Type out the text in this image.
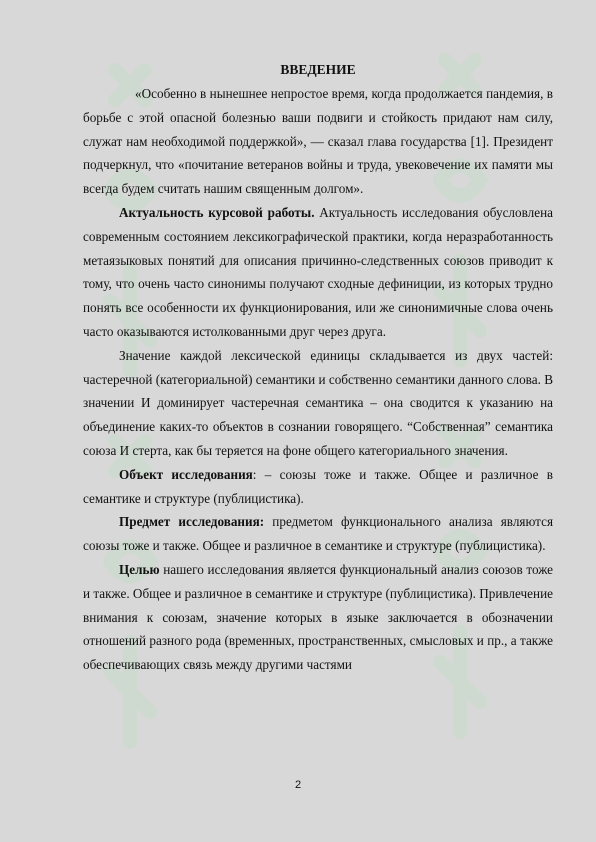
ВВЕДЕНИЕ

«Особенно в нынешнее непростое время, когда продолжается пандемия, в борьбе с этой опасной болезнью ваши подвиги и стойкость придают нам силу, служат нам необходимой поддержкой», — сказал глава государства [1]. Президент подчеркнул, что «почитание ветеранов войны и труда, увековечение их памяти мы всегда будем считать нашим священным долгом».

Актуальность курсовой работы. Актуальность исследования обусловлена современным состоянием лексикографической практики, когда неразработанность метаязыковых понятий для описания причинно-следственных союзов приводит к тому, что очень часто синонимы получают сходные дефиниции, из которых трудно понять все особенности их функционирования, или же синонимичные слова очень часто оказываются истолкованными друг через друга.

Значение каждой лексической единицы складывается из двух частей: частеречной (категориальной) семантики и собственно семантики данного слова. В значении И доминирует частеречная семантика – она сводится к указанию на объединение каких-то объектов в сознании говорящего. “Собственная” семантика союза И стерта, как бы теряется на фоне общего категориального значения.

Объект исследования: – союзы тоже и также. Общее и различное в семантике и структуре (публицистика).

Предмет исследования: предметом функционального анализа являются союзы тоже и также. Общее и различное в семантике и структуре (публицистика).

Целью нашего исследования является функциональный анализ союзов тоже и также. Общее и различное в семантике и структуре (публицистика). Привлечение внимания к союзам, значение которых в языке заключается в обозначении отношений разного рода (временных, пространственных, смысловых и пр., а также обеспечивающих связь между другими частями

2
